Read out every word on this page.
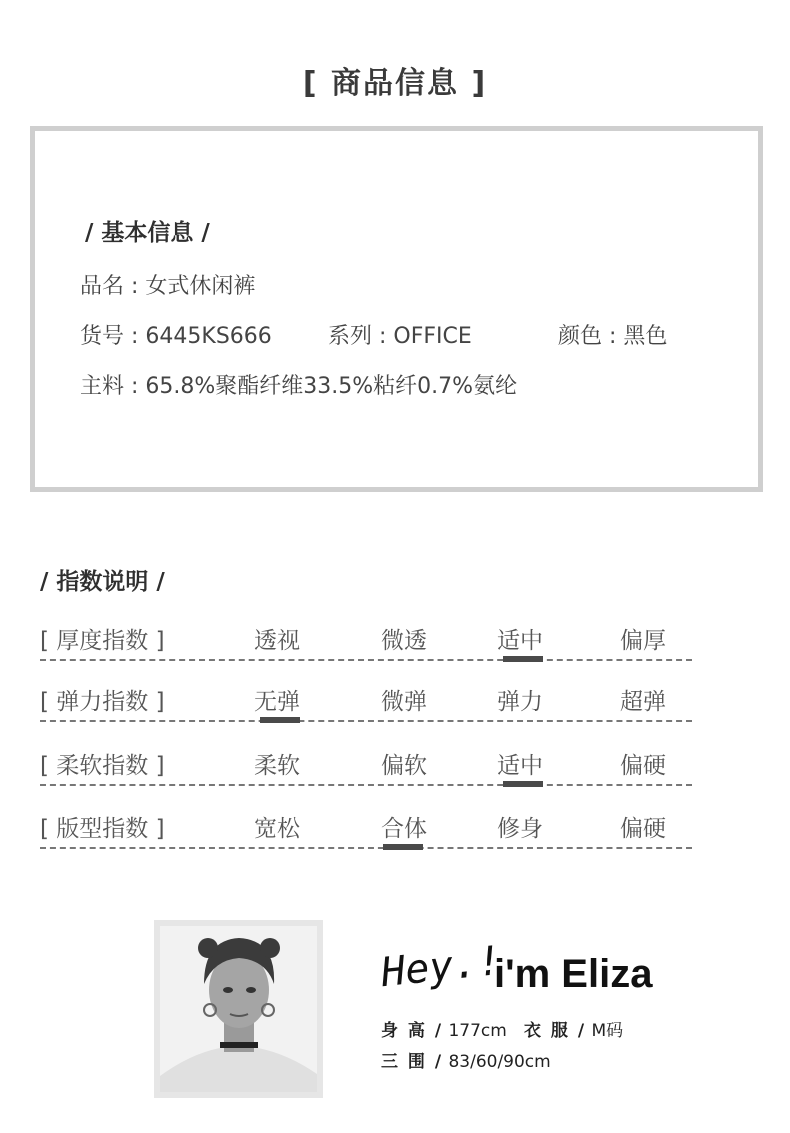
[ 商品信息 ]
/ 基本信息 /
品名 : 女式休闲裤
货号 : 6445KS666	系列 : OFFICE	颜色 : 黑色
主料 : 65.8%聚酯纤维33.5%粘纤0.7%氨纶
/ 指数说明 /
[ 厚度指数 ]	透视	微透	适中	偏厚
[ 弹力指数 ]	无弹	微弹	弹力	超弹
[ 柔软指数 ]	柔软	偏软	适中	偏硬
[ 版型指数 ]	宽松	合体	修身	偏硬
Hey.!
i'm Eliza
身 高 / 177cm 衣 服 / M码
三 围 / 83/60/90cm
